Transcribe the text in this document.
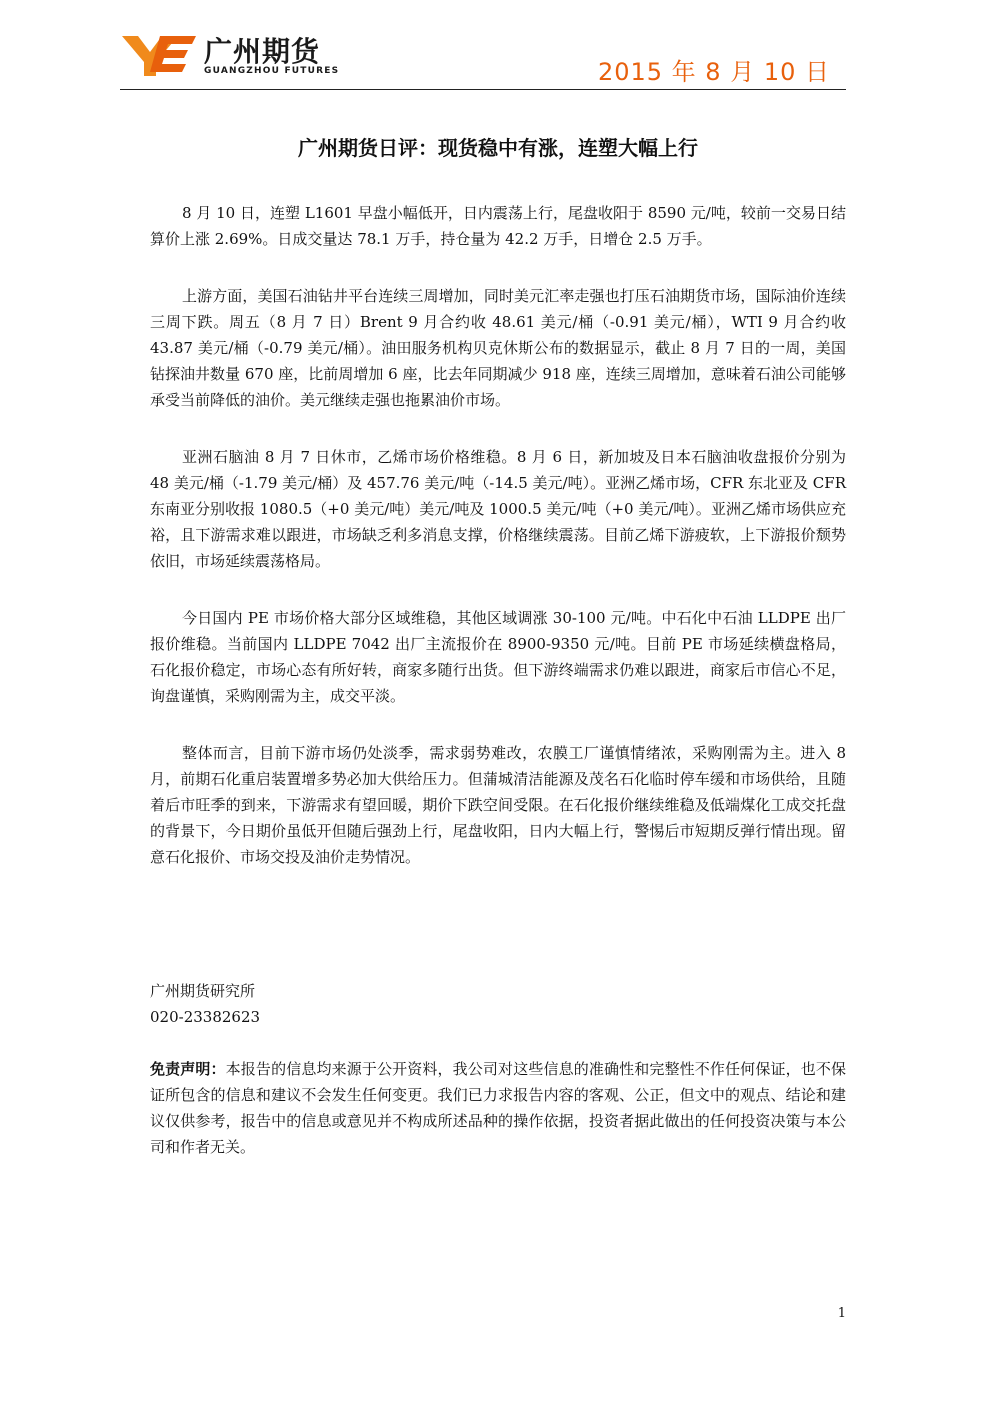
广州期货
GUANGZHOU FUTURES	2015 年 8 月 10 日
广州期货日评：现货稳中有涨，连塑大幅上行

8 月 10 日，连塑 L1601 早盘小幅低开，日内震荡上行，尾盘收阳于 8590 元/吨，较前一交易日结算价上涨 2.69%。日成交量达 78.1 万手，持仓量为 42.2 万手，日增仓 2.5 万手。

上游方面，美国石油钻井平台连续三周增加，同时美元汇率走强也打压石油期货市场，国际油价连续三周下跌。周五（8 月 7 日）Brent 9 月合约收 48.61 美元/桶（-0.91 美元/桶），WTI 9 月合约收 43.87 美元/桶（-0.79 美元/桶）。油田服务机构贝克休斯公布的数据显示，截止 8 月 7 日的一周，美国钻探油井数量 670 座，比前周增加 6 座，比去年同期减少 918 座，连续三周增加，意味着石油公司能够承受当前降低的油价。美元继续走强也拖累油价市场。

亚洲石脑油 8 月 7 日休市，乙烯市场价格维稳。8 月 6 日，新加坡及日本石脑油收盘报价分别为 48 美元/桶（-1.79 美元/桶）及 457.76 美元/吨（-14.5 美元/吨）。亚洲乙烯市场，CFR 东北亚及 CFR 东南亚分别收报 1080.5（+0 美元/吨）美元/吨及 1000.5 美元/吨（+0 美元/吨）。亚洲乙烯市场供应充裕，且下游需求难以跟进，市场缺乏利多消息支撑，价格继续震荡。目前乙烯下游疲软，上下游报价颓势依旧，市场延续震荡格局。

今日国内 PE 市场价格大部分区域维稳，其他区域调涨 30-100 元/吨。中石化中石油 LLDPE 出厂报价维稳。当前国内 LLDPE 7042 出厂主流报价在 8900-9350 元/吨。目前 PE 市场延续横盘格局，石化报价稳定，市场心态有所好转，商家多随行出货。但下游终端需求仍难以跟进，商家后市信心不足，询盘谨慎，采购刚需为主，成交平淡。

整体而言，目前下游市场仍处淡季，需求弱势难改，农膜工厂谨慎情绪浓，采购刚需为主。进入 8 月，前期石化重启装置增多势必加大供给压力。但蒲城清洁能源及茂名石化临时停车缓和市场供给，且随着后市旺季的到来，下游需求有望回暖，期价下跌空间受限。在石化报价继续维稳及低端煤化工成交托盘的背景下，今日期价虽低开但随后强劲上行，尾盘收阳，日内大幅上行，警惕后市短期反弹行情出现。留意石化报价、市场交投及油价走势情况。

广州期货研究所
020-23382623
免责声明：本报告的信息均来源于公开资料，我公司对这些信息的准确性和完整性不作任何保证，也不保证所包含的信息和建议不会发生任何变更。我们已力求报告内容的客观、公正，但文中的观点、结论和建议仅供参考，报告中的信息或意见并不构成所述品种的操作依据，投资者据此做出的任何投资决策与本公司和作者无关。
1
